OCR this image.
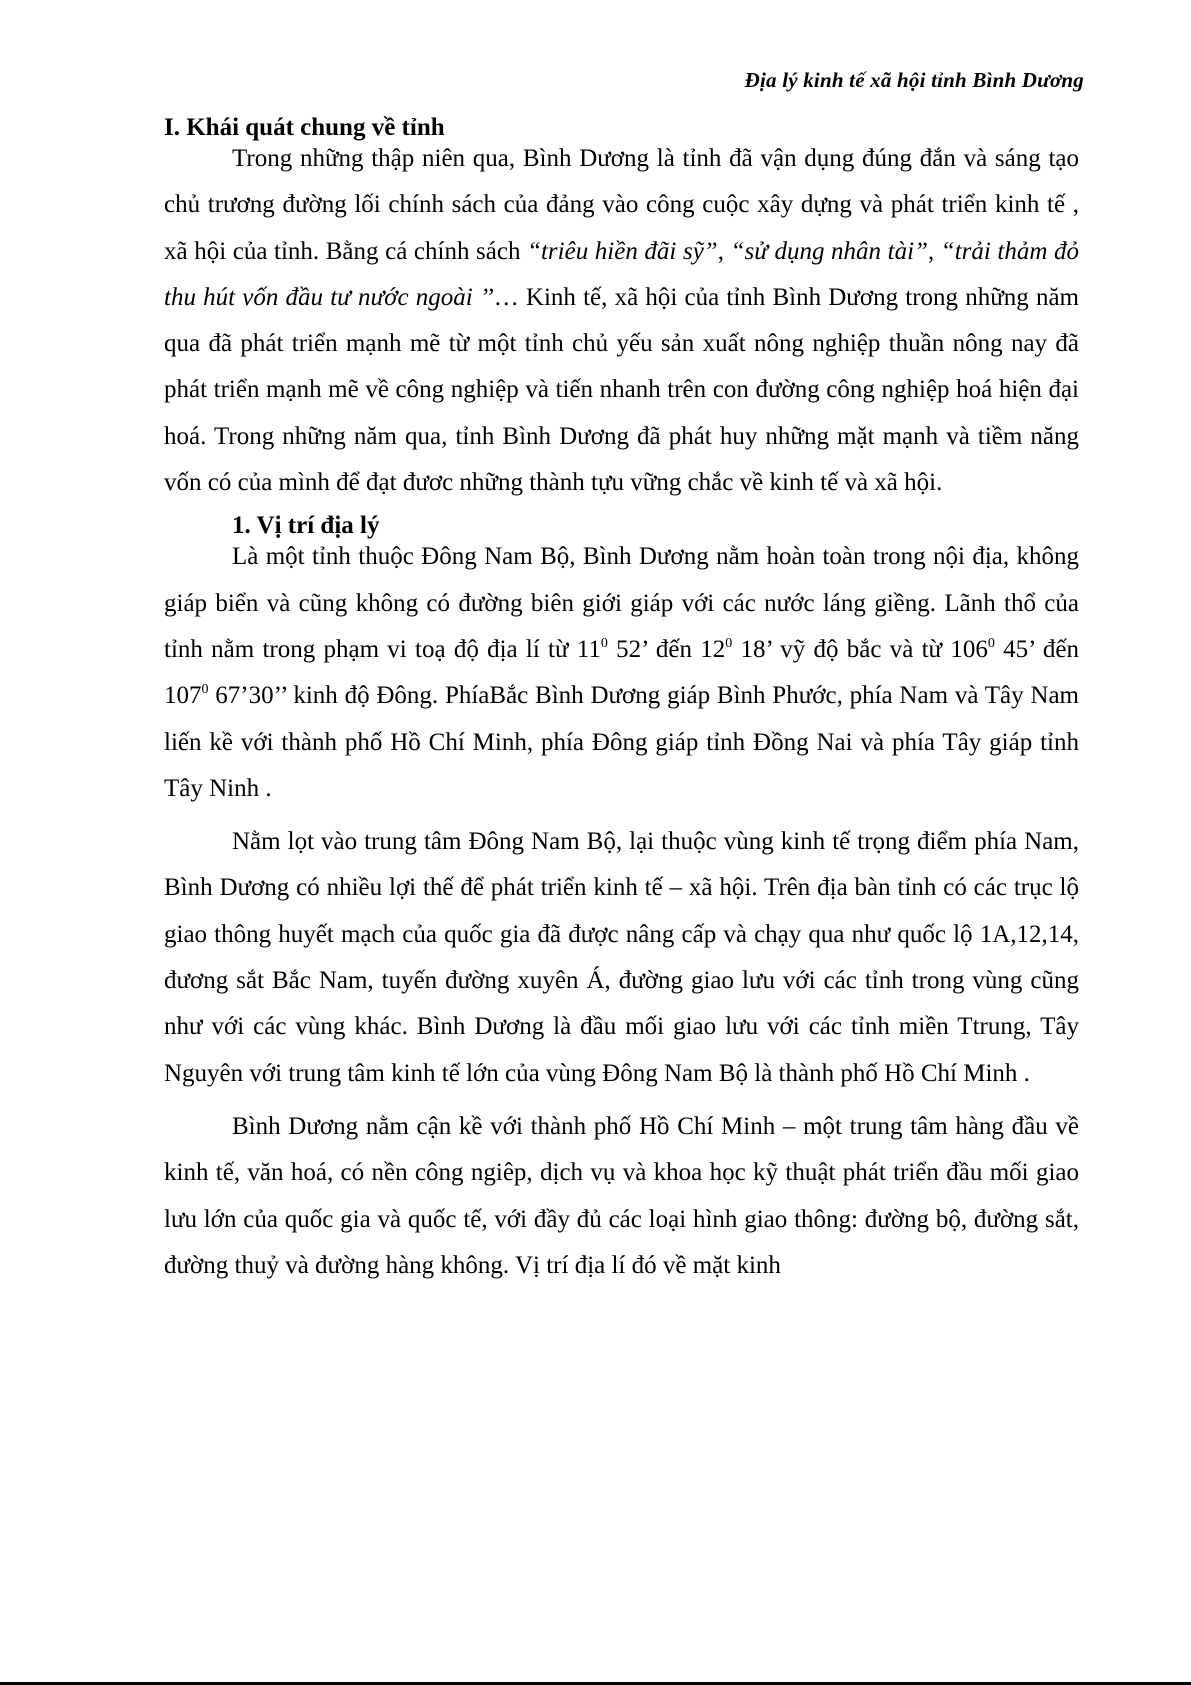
Địa lý kinh tế xã hội tỉnh Bình Dương
I. Khái quát chung về tỉnh

Trong những thập niên qua, Bình Dương là tỉnh đã vận dụng đúng đắn và sáng tạo chủ trương đường lối chính sách của đảng vào công cuộc xây dựng và phát triển kinh tế , xã hội của tỉnh. Bằng cá chính sách “triêu hiền đãi sỹ”, “sử dụng nhân tài”, “trải thảm đỏ thu hút vốn đầu tư nước ngoài ’’… Kinh tế, xã hội của tỉnh Bình Dương trong những năm qua đã phát triển mạnh mẽ từ một tỉnh chủ yếu sản xuất nông nghiệp thuần nông nay đã phát triển mạnh mẽ về công nghiệp và tiến nhanh trên con đường công nghiệp hoá hiện đại hoá. Trong những năm qua, tỉnh Bình Dương đã phát huy những mặt mạnh và tiềm năng vốn có của mình để đạt đươc những thành tựu vững chắc về kinh tế và xã hội.

1. Vị trí địa lý

Là một tỉnh thuộc Đông Nam Bộ, Bình Dương nằm hoàn toàn trong nội địa, không giáp biển và cũng không có đường biên giới giáp với các nước láng giềng. Lãnh thổ của tỉnh nằm trong phạm vi toạ độ địa lí từ $11^0$ 52’ đến $12^0$ 18’ vỹ độ bắc và từ $106^0$ 45’ đến $107^0$ 67’30’’ kinh độ Đông. PhíaBắc Bình Dương giáp Bình Phước, phía Nam và Tây Nam liến kề với thành phố Hồ Chí Minh, phía Đông giáp tỉnh Đồng Nai và phía Tây giáp tỉnh Tây Ninh .

Nằm lọt vào trung tâm Đông Nam Bộ, lại thuộc vùng kinh tế trọng điểm phía Nam, Bình Dương có nhiều lợi thế để phát triển kinh tế – xã hội. Trên địa bàn tỉnh có các trục lộ giao thông huyết mạch của quốc gia đã được nâng cấp và chạy qua như quốc lộ 1A,12,14, đương sắt Bắc Nam, tuyến đường xuyên Á, đường giao lưu với các tỉnh trong vùng cũng như với các vùng khác. Bình Dương là đầu mối giao lưu với các tỉnh miền Ttrung, Tây Nguyên với trung tâm kinh tế lớn của vùng Đông Nam Bộ là thành phố Hồ Chí Minh .

Bình Dương nằm cận kề với thành phố Hồ Chí Minh – một trung tâm hàng đầu về kinh tế, văn hoá, có nền công ngiêp, dịch vụ và khoa học kỹ thuật phát triển đầu mối giao lưu lớn của quốc gia và quốc tế, với đầy đủ các loại hình giao thông: đường bộ, đường sắt, đường thuỷ và đường hàng không. Vị trí địa lí đó về mặt kinh
